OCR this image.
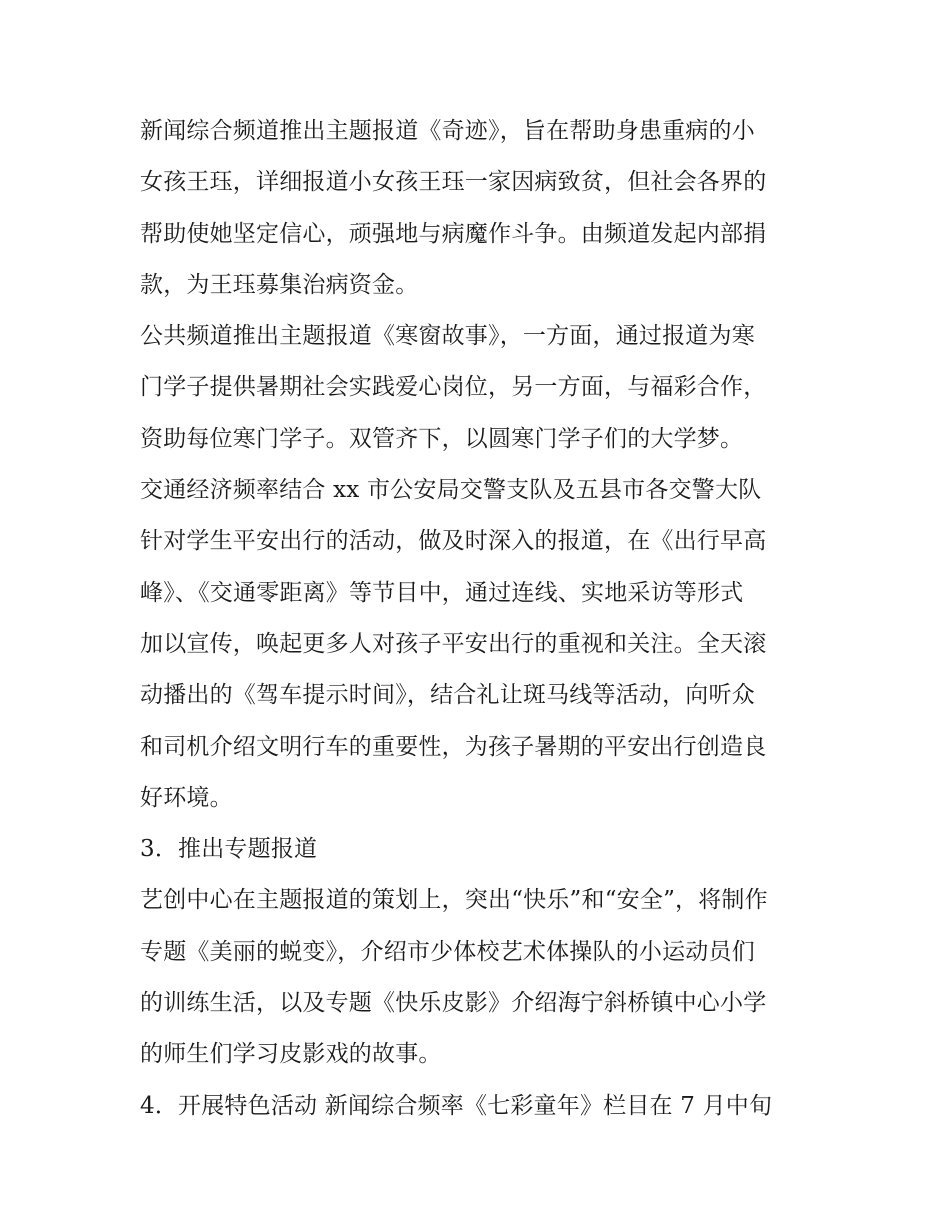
新闻综合频道推出主题报道《奇迹》，旨在帮助身患重病的小
女孩王珏，详细报道小女孩王珏一家因病致贫，但社会各界的
帮助使她坚定信心，顽强地与病魔作斗争。由频道发起内部捐
款，为王珏募集治病资金。
公共频道推出主题报道《寒窗故事》，一方面，通过报道为寒
门学子提供暑期社会实践爱心岗位，另一方面，与福彩合作，
资助每位寒门学子。双管齐下，以圆寒门学子们的大学梦。
交通经济频率结合 xx 市公安局交警支队及五县市各交警大队
针对学生平安出行的活动，做及时深入的报道，在《出行早高
峰》、《交通零距离》等节目中，通过连线、实地采访等形式
加以宣传，唤起更多人对孩子平安出行的重视和关注。全天滚
动播出的《驾车提示时间》，结合礼让斑马线等活动，向听众
和司机介绍文明行车的重要性，为孩子暑期的平安出行创造良
好环境。
3．推出专题报道
艺创中心在主题报道的策划上，突出“快乐”和“安全”，将制作
专题《美丽的蜕变》，介绍市少体校艺术体操队的小运动员们
的训练生活，以及专题《快乐皮影》介绍海宁斜桥镇中心小学
的师生们学习皮影戏的故事。
4．开展特色活动 新闻综合频率《七彩童年》栏目在 7 月中旬
